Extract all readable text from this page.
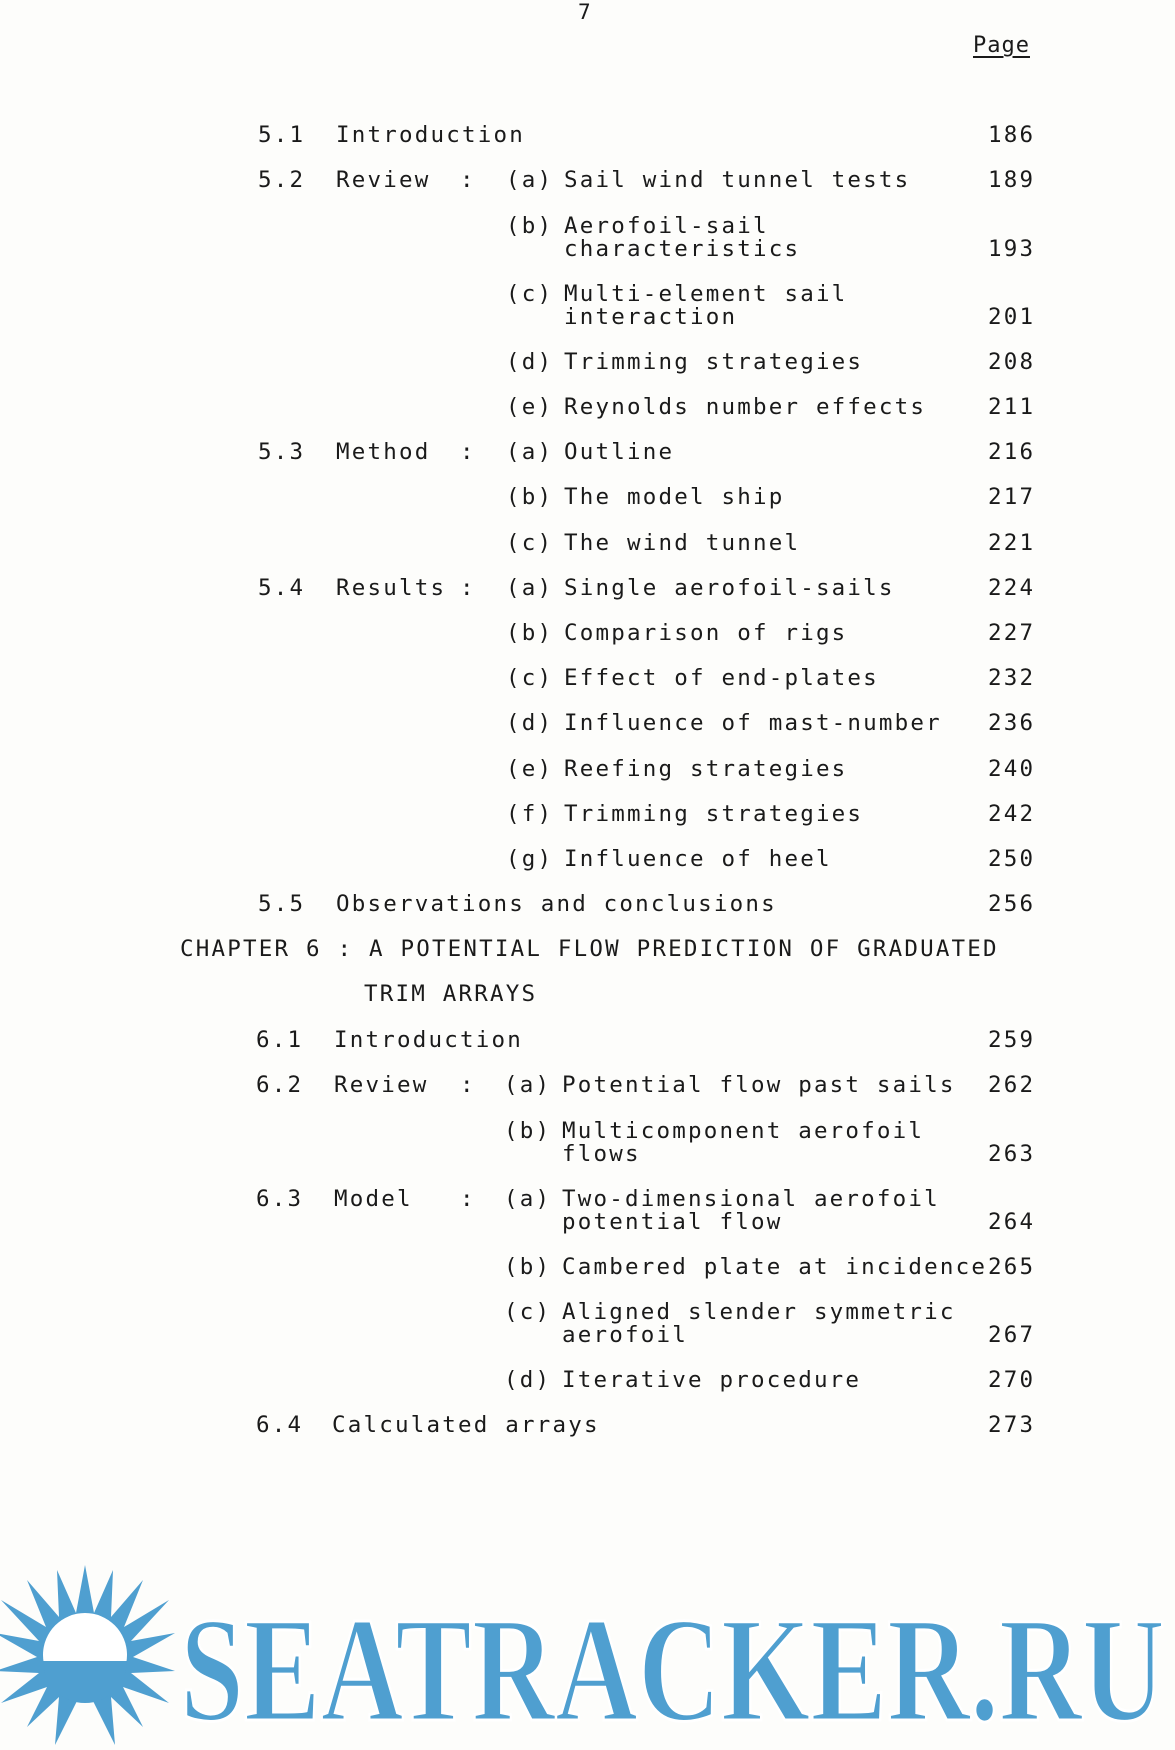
7
Page
5.1 Introduction	186
5.2 Review : (a) Sail wind tunnel tests	189
(b) Aerofoil-sail
characteristics	193
(c) Multi-element sail
interaction	201
(d) Trimming strategies	208
(e) Reynolds number effects	211
5.3 Method : (a) Outline	216
(b) The model ship	217
(c) The wind tunnel	221
5.4 Results : (a) Single aerofoil-sails	224
(b) Comparison of rigs	227
(c) Effect of end-plates	232
(d) Influence of mast-number 236
(e) Reefing strategies	240
(f) Trimming strategies	242
(g) Influence of heel	250
5.5 Observations and conclusions	256
CHAPTER 6 : A POTENTIAL FLOW PREDICTION OF GRADUATED
TRIM ARRAYS
6.1 Introduction	259
6.2 Review : (a) Potential flow past sails 262
(b) Multicomponent aerofoil
flows	263
6.3 Model : (a) Two-dimensional aerofoil
potential flow	264
(b) Cambered plate at incidence 265
(c) Aligned slender symmetric
aerofoil	267
(d) Iterative procedure	270
6.4 Calculated arrays	273
SEATRACKER.RU
